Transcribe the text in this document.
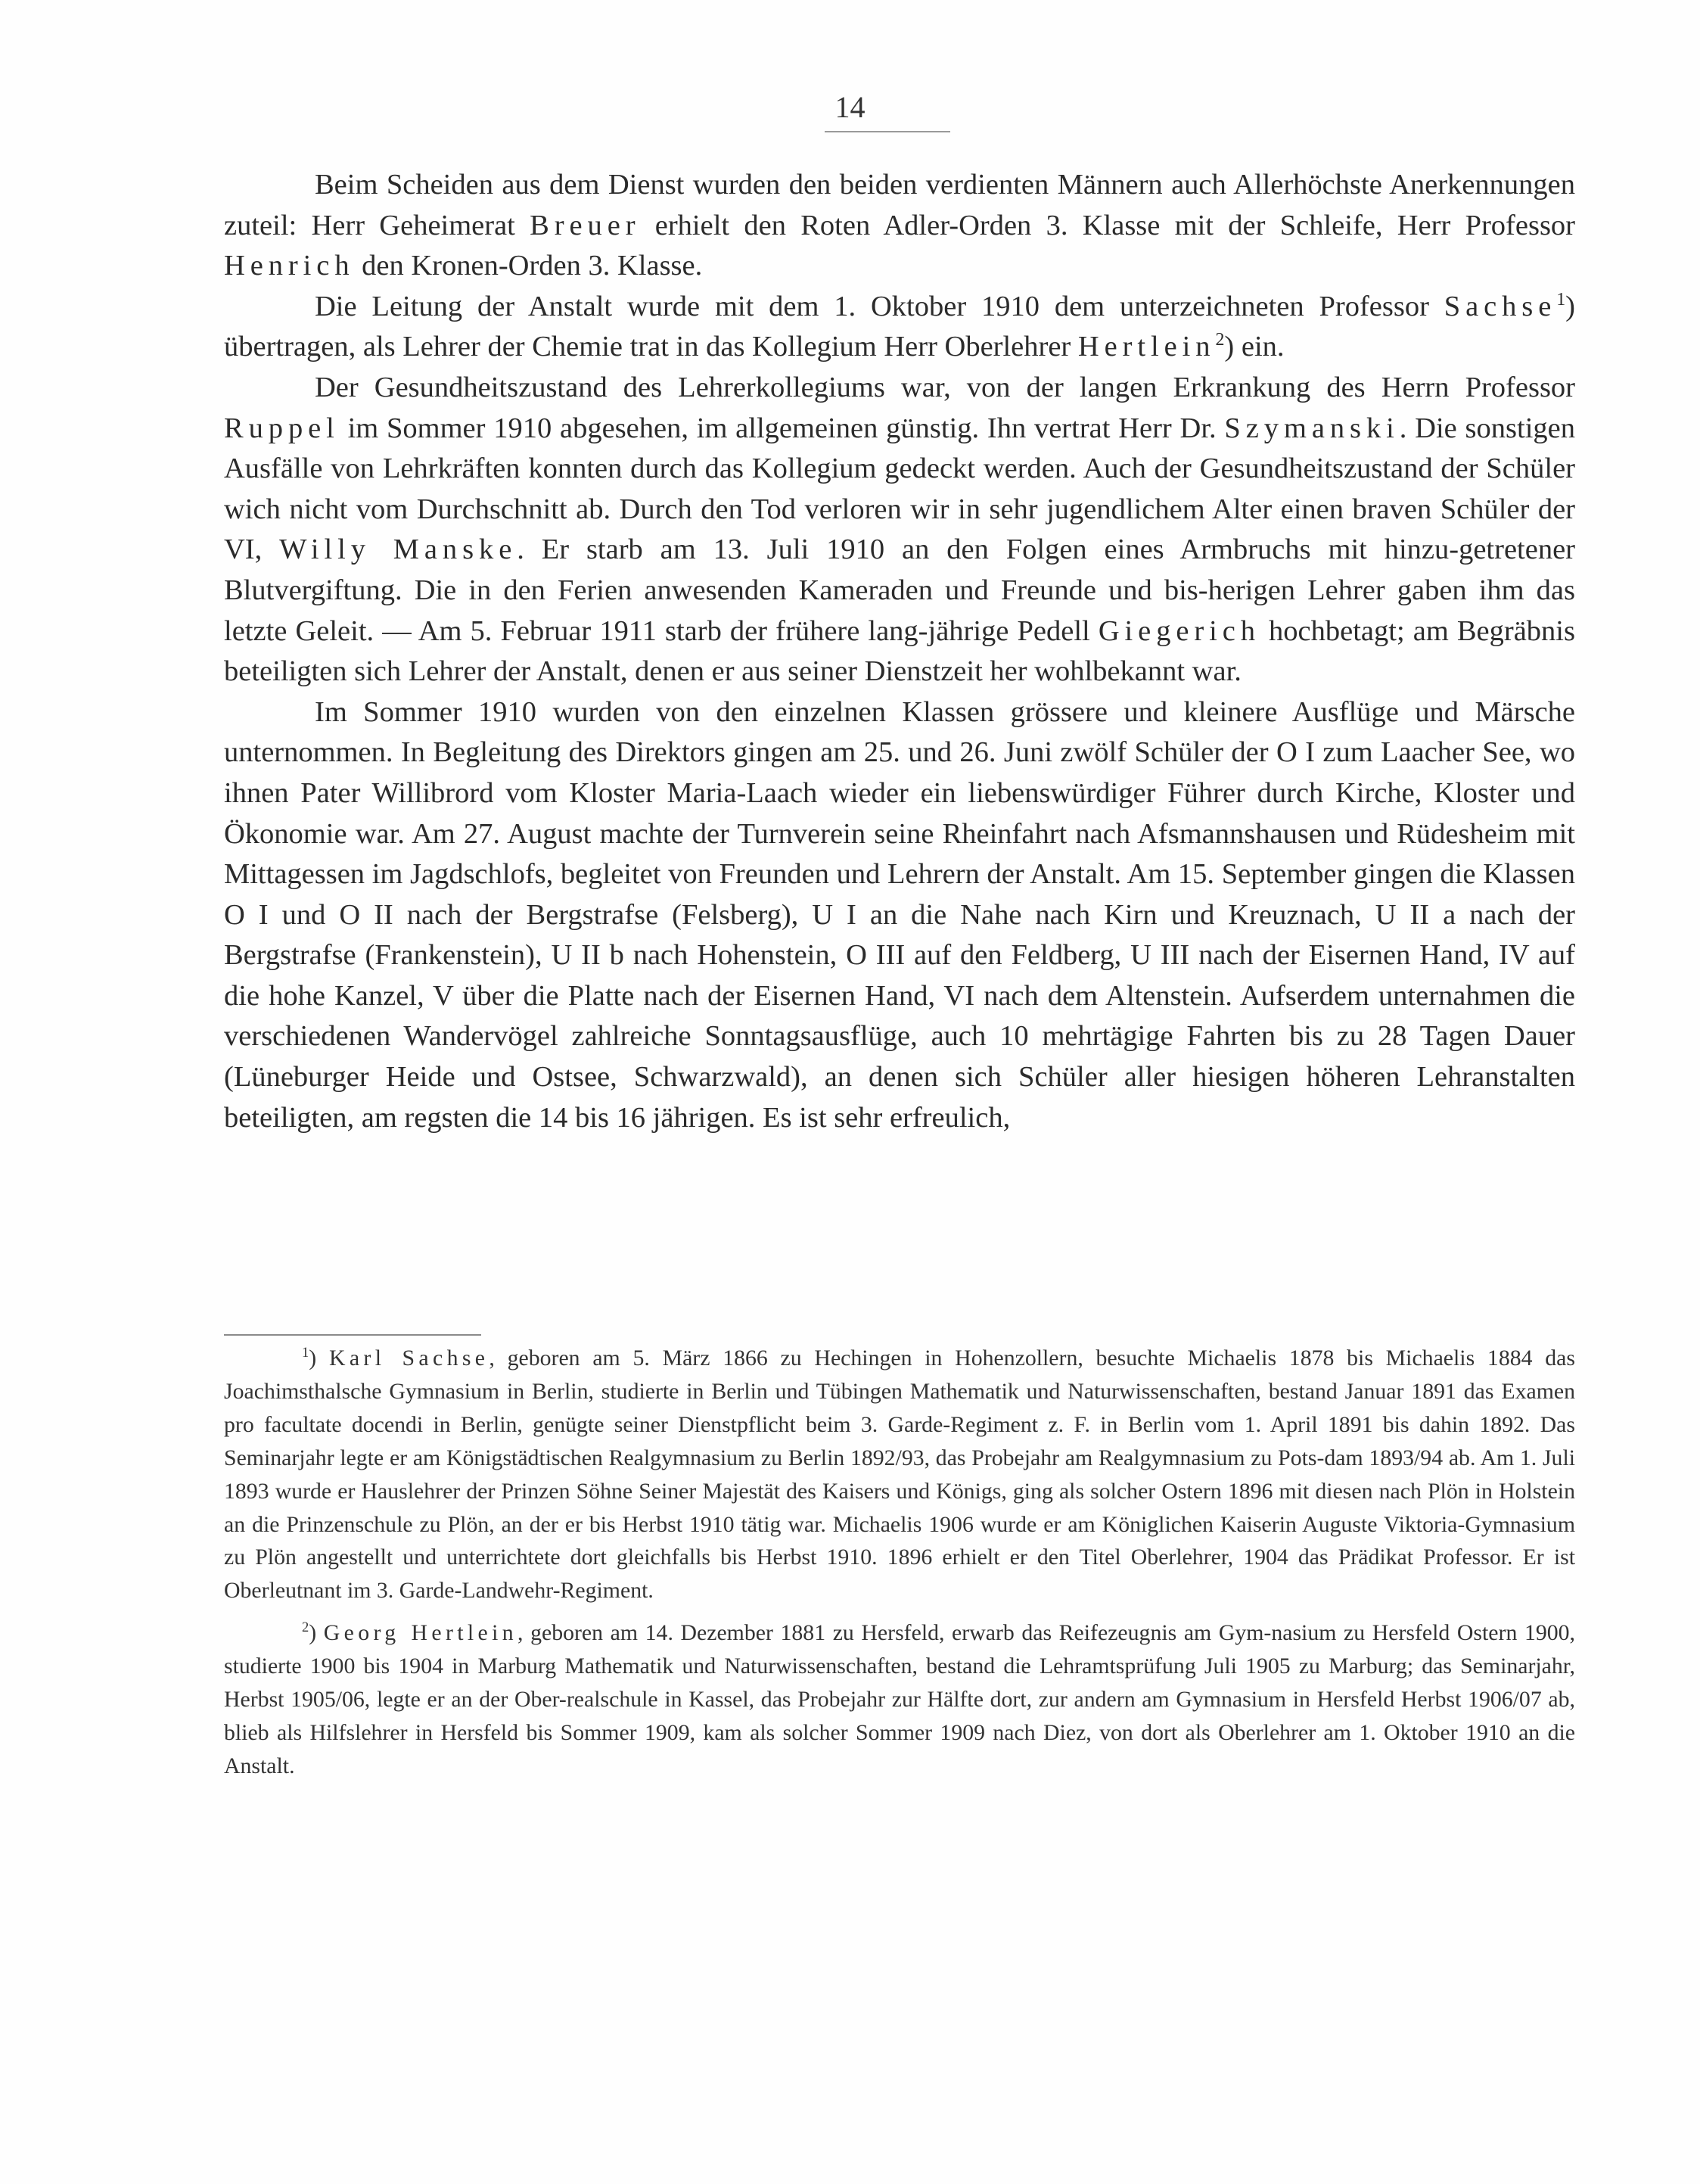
14

Beim Scheiden aus dem Dienst wurden den beiden verdienten Männern auch Allerhöchste Anerkennungen zuteil: Herr Geheimerat Breuer erhielt den Roten Adler-Orden 3. Klasse mit der Schleife, Herr Professor Henrich den Kronen-Orden 3. Klasse.

Die Leitung der Anstalt wurde mit dem 1. Oktober 1910 dem unterzeichneten Professor Sachse$^1$) übertragen, als Lehrer der Chemie trat in das Kollegium Herr Oberlehrer Hertlein$^2$) ein.

Der Gesundheitszustand des Lehrerkollegiums war, von der langen Erkrankung des Herrn Professor Ruppel im Sommer 1910 abgesehen, im allgemeinen günstig. Ihn vertrat Herr Dr. Szymanski. Die sonstigen Ausfälle von Lehrkräften konnten durch das Kollegium gedeckt werden. Auch der Gesundheitszustand der Schüler wich nicht vom Durchschnitt ab. Durch den Tod verloren wir in sehr jugendlichem Alter einen braven Schüler der VI, Willy Manske. Er starb am 13. Juli 1910 an den Folgen eines Armbruchs mit hinzu-getretener Blutvergiftung. Die in den Ferien anwesenden Kameraden und Freunde und bis-herigen Lehrer gaben ihm das letzte Geleit. — Am 5. Februar 1911 starb der frühere lang-jährige Pedell Giegerich hochbetagt; am Begräbnis beteiligten sich Lehrer der Anstalt, denen er aus seiner Dienstzeit her wohlbekannt war.

Im Sommer 1910 wurden von den einzelnen Klassen grössere und kleinere Ausflüge und Märsche unternommen. In Begleitung des Direktors gingen am 25. und 26. Juni zwölf Schüler der O I zum Laacher See, wo ihnen Pater Willibrord vom Kloster Maria-Laach wieder ein liebenswürdiger Führer durch Kirche, Kloster und Ökonomie war. Am 27. August machte der Turnverein seine Rheinfahrt nach Afsmannshausen und Rüdesheim mit Mittagessen im Jagdschlofs, begleitet von Freunden und Lehrern der Anstalt. Am 15. September gingen die Klassen O I und O II nach der Bergstrafse (Felsberg), U I an die Nahe nach Kirn und Kreuznach, U II a nach der Bergstrafse (Frankenstein), U II b nach Hohenstein, O III auf den Feldberg, U III nach der Eisernen Hand, IV auf die hohe Kanzel, V über die Platte nach der Eisernen Hand, VI nach dem Altenstein. Aufserdem unternahmen die verschiedenen Wandervögel zahlreiche Sonntagsausflüge, auch 10 mehrtägige Fahrten bis zu 28 Tagen Dauer (Lüneburger Heide und Ostsee, Schwarzwald), an denen sich Schüler aller hiesigen höheren Lehranstalten beteiligten, am regsten die 14 bis 16 jährigen. Es ist sehr erfreulich,

$^1$) Karl Sachse, geboren am 5. März 1866 zu Hechingen in Hohenzollern, besuchte Michaelis 1878 bis Michaelis 1884 das Joachimsthalsche Gymnasium in Berlin, studierte in Berlin und Tübingen Mathematik und Naturwissenschaften, bestand Januar 1891 das Examen pro facultate docendi in Berlin, genügte seiner Dienstpflicht beim 3. Garde-Regiment z. F. in Berlin vom 1. April 1891 bis dahin 1892. Das Seminarjahr legte er am Königstädtischen Realgymnasium zu Berlin 1892/93, das Probejahr am Realgymnasium zu Pots-dam 1893/94 ab. Am 1. Juli 1893 wurde er Hauslehrer der Prinzen Söhne Seiner Majestät des Kaisers und Königs, ging als solcher Ostern 1896 mit diesen nach Plön in Holstein an die Prinzenschule zu Plön, an der er bis Herbst 1910 tätig war. Michaelis 1906 wurde er am Königlichen Kaiserin Auguste Viktoria-Gymnasium zu Plön angestellt und unterrichtete dort gleichfalls bis Herbst 1910. 1896 erhielt er den Titel Oberlehrer, 1904 das Prädikat Professor. Er ist Oberleutnant im 3. Garde-Landwehr-Regiment.

$^2$) Georg Hertlein, geboren am 14. Dezember 1881 zu Hersfeld, erwarb das Reifezeugnis am Gym-nasium zu Hersfeld Ostern 1900, studierte 1900 bis 1904 in Marburg Mathematik und Naturwissenschaften, bestand die Lehramtsprüfung Juli 1905 zu Marburg; das Seminarjahr, Herbst 1905/06, legte er an der Ober-realschule in Kassel, das Probejahr zur Hälfte dort, zur andern am Gymnasium in Hersfeld Herbst 1906/07 ab, blieb als Hilfslehrer in Hersfeld bis Sommer 1909, kam als solcher Sommer 1909 nach Diez, von dort als Oberlehrer am 1. Oktober 1910 an die Anstalt.
